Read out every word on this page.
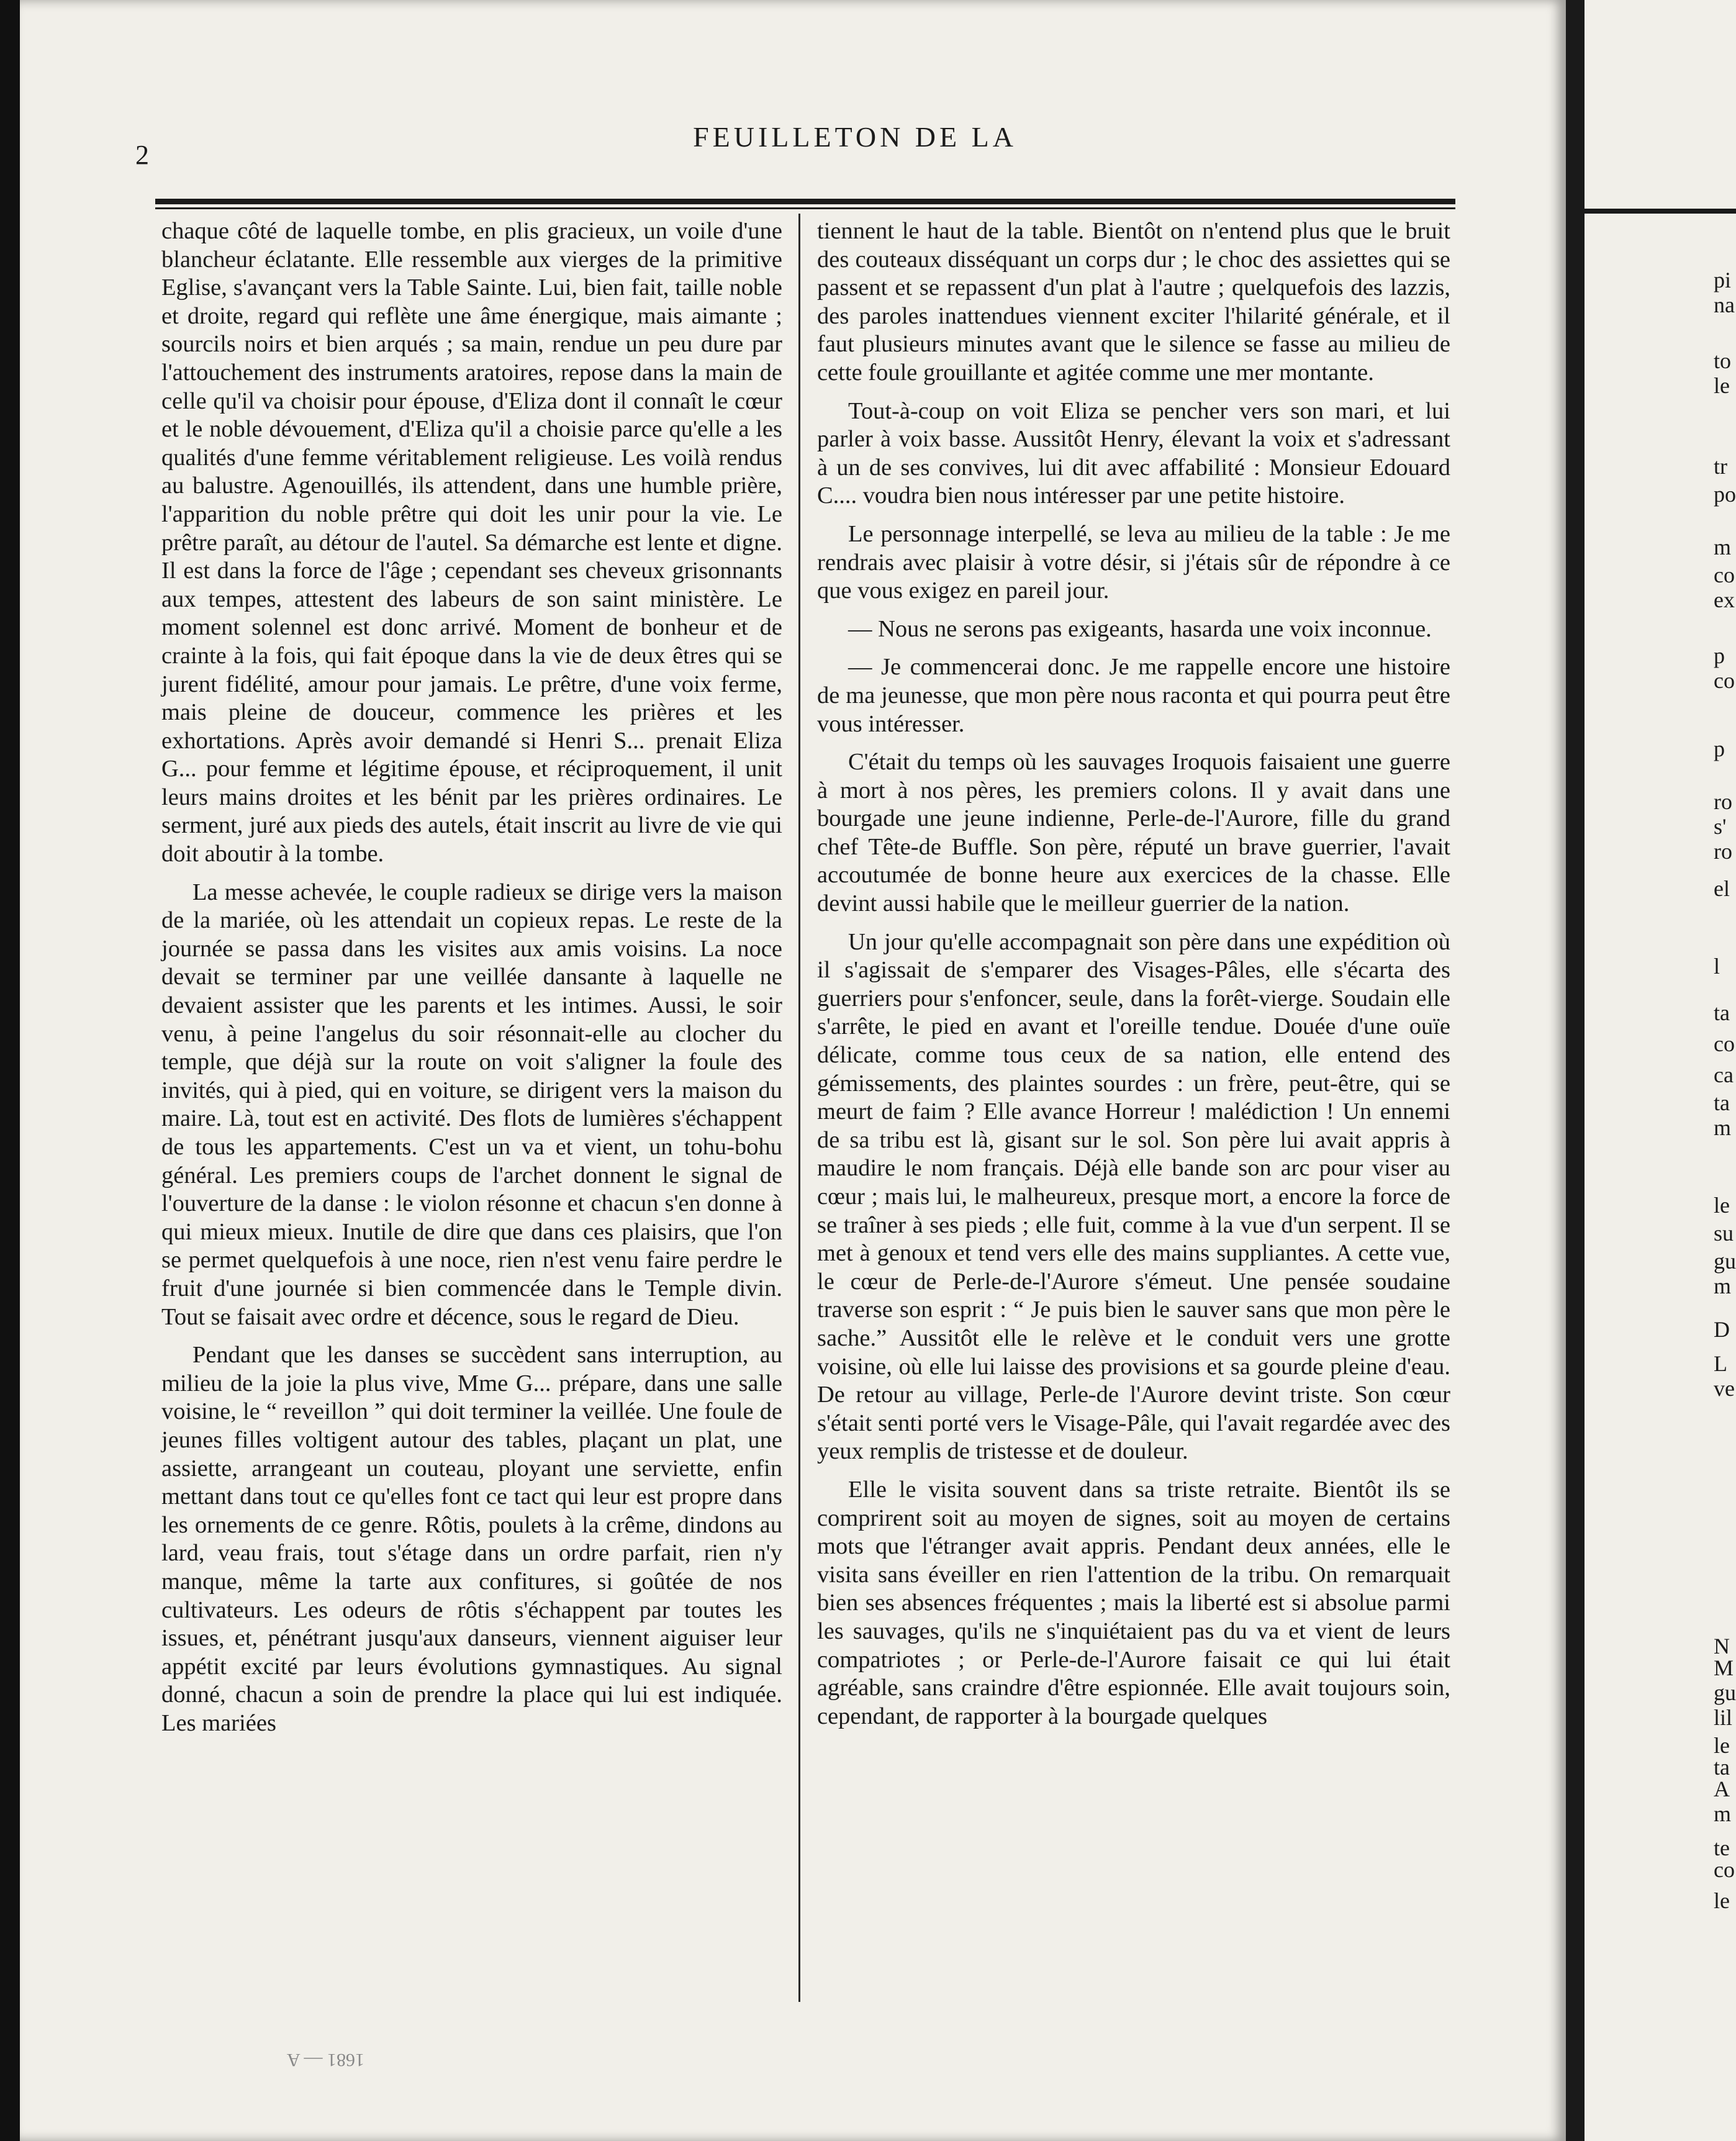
2
FEUILLETON DE LA

chaque côté de laquelle tombe, en plis gracieux, un voile d'une blancheur éclatante. Elle ressemble aux vierges de la primitive Eglise, s'avançant vers la Table Sainte. Lui, bien fait, taille noble et droite, regard qui reflète une âme énergique, mais aimante ; sourcils noirs et bien arqués ; sa main, rendue un peu dure par l'attouchement des instruments aratoires, repose dans la main de celle qu'il va choisir pour épouse, d'Eliza dont il connaît le cœur et le noble dévouement, d'Eliza qu'il a choisie parce qu'elle a les qualités d'une femme véritablement religieuse. Les voilà rendus au balustre. Agenouillés, ils attendent, dans une humble prière, l'apparition du noble prêtre qui doit les unir pour la vie. Le prêtre paraît, au détour de l'autel. Sa démarche est lente et digne. Il est dans la force de l'âge ; cependant ses cheveux grisonnants aux tempes, attestent des labeurs de son saint ministère. Le moment solennel est donc arrivé. Moment de bonheur et de crainte à la fois, qui fait époque dans la vie de deux êtres qui se jurent fidélité, amour pour jamais. Le prêtre, d'une voix ferme, mais pleine de douceur, commence les prières et les exhortations. Après avoir demandé si Henri S... prenait Eliza G... pour femme et légitime épouse, et réciproquement, il unit leurs mains droites et les bénit par les prières ordinaires. Le serment, juré aux pieds des autels, était inscrit au livre de vie qui doit aboutir à la tombe.

La messe achevée, le couple radieux se dirige vers la maison de la mariée, où les attendait un copieux repas. Le reste de la journée se passa dans les visites aux amis voisins. La noce devait se terminer par une veillée dansante à laquelle ne devaient assister que les parents et les intimes. Aussi, le soir venu, à peine l'angelus du soir résonnait-elle au clocher du temple, que déjà sur la route on voit s'aligner la foule des invités, qui à pied, qui en voiture, se dirigent vers la maison du maire. Là, tout est en activité. Des flots de lumières s'échappent de tous les appartements. C'est un va et vient, un tohu-bohu général. Les premiers coups de l'archet donnent le signal de l'ouverture de la danse : le violon résonne et chacun s'en donne à qui mieux mieux. Inutile de dire que dans ces plaisirs, que l'on se permet quelquefois à une noce, rien n'est venu faire perdre le fruit d'une journée si bien commencée dans le Temple divin. Tout se faisait avec ordre et décence, sous le regard de Dieu.

Pendant que les danses se succèdent sans interruption, au milieu de la joie la plus vive, Mme G... prépare, dans une salle voisine, le “ reveillon ” qui doit terminer la veillée. Une foule de jeunes filles voltigent autour des tables, plaçant un plat, une assiette, arrangeant un couteau, ployant une serviette, enfin mettant dans tout ce qu'elles font ce tact qui leur est propre dans les ornements de ce genre. Rôtis, poulets à la crême, dindons au lard, veau frais, tout s'étage dans un ordre parfait, rien n'y manque, même la tarte aux confitures, si goûtée de nos cultivateurs. Les odeurs de rôtis s'échappent par toutes les issues, et, pénétrant jusqu'aux danseurs, viennent aiguiser leur appétit excité par leurs évolutions gymnastiques. Au signal donné, chacun a soin de prendre la place qui lui est indiquée. Les mariées

tiennent le haut de la table. Bientôt on n'entend plus que le bruit des couteaux disséquant un corps dur ; le choc des assiettes qui se passent et se repassent d'un plat à l'autre ; quelquefois des lazzis, des paroles inattendues viennent exciter l'hilarité générale, et il faut plusieurs minutes avant que le silence se fasse au milieu de cette foule grouillante et agitée comme une mer montante.

Tout-à-coup on voit Eliza se pencher vers son mari, et lui parler à voix basse. Aussitôt Henry, élevant la voix et s'adressant à un de ses convives, lui dit avec affabilité : Monsieur Edouard C.... voudra bien nous intéresser par une petite histoire.

Le personnage interpellé, se leva au milieu de la table : Je me rendrais avec plaisir à votre désir, si j'étais sûr de répondre à ce que vous exigez en pareil jour.

— Nous ne serons pas exigeants, hasarda une voix inconnue.

— Je commencerai donc. Je me rappelle encore une histoire de ma jeunesse, que mon père nous raconta et qui pourra peut être vous intéresser.

C'était du temps où les sauvages Iroquois faisaient une guerre à mort à nos pères, les premiers colons. Il y avait dans une bourgade une jeune indienne, Perle-de-l'Aurore, fille du grand chef Tête-de Buffle. Son père, réputé un brave guerrier, l'avait accoutumée de bonne heure aux exercices de la chasse. Elle devint aussi habile que le meilleur guerrier de la nation.

Un jour qu'elle accompagnait son père dans une expédition où il s'agissait de s'emparer des Visages-Pâles, elle s'écarta des guerriers pour s'enfoncer, seule, dans la forêt-vierge. Soudain elle s'arrête, le pied en avant et l'oreille tendue. Douée d'une ouïe délicate, comme tous ceux de sa nation, elle entend des gémissements, des plaintes sourdes : un frère, peut-être, qui se meurt de faim ? Elle avance Horreur ! malédiction ! Un ennemi de sa tribu est là, gisant sur le sol. Son père lui avait appris à maudire le nom français. Déjà elle bande son arc pour viser au cœur ; mais lui, le malheureux, presque mort, a encore la force de se traîner à ses pieds ; elle fuit, comme à la vue d'un serpent. Il se met à genoux et tend vers elle des mains suppliantes. A cette vue, le cœur de Perle-de-l'Aurore s'émeut. Une pensée soudaine traverse son esprit : “ Je puis bien le sauver sans que mon père le sache.” Aussitôt elle le relève et le conduit vers une grotte voisine, où elle lui laisse des provisions et sa gourde pleine d'eau. De retour au village, Perle-de l'Aurore devint triste. Son cœur s'était senti porté vers le Visage-Pâle, qui l'avait regardée avec des yeux remplis de tristesse et de douleur.

Elle le visita souvent dans sa triste retraite. Bientôt ils se comprirent soit au moyen de signes, soit au moyen de certains mots que l'étranger avait appris. Pendant deux années, elle le visita sans éveiller en rien l'attention de la tribu. On remarquait bien ses absences fréquentes ; mais la liberté est si absolue parmi les sauvages, qu'ils ne s'inquiétaient pas du va et vient de leurs compatriotes ; or Perle-de-l'Aurore faisait ce qui lui était agréable, sans craindre d'être espionnée. Elle avait toujours soin, cependant, de rapporter à la bourgade quelques

1681 — A
pi
na
to
le
tr
po
m
co
ex
p
co
p
ro
s'
ro
el
l
ta
co
ca
ta
m
le
su
gu
m
D
L
ve
N
M
gu
lil
le
ta
A
m
te
co
le
